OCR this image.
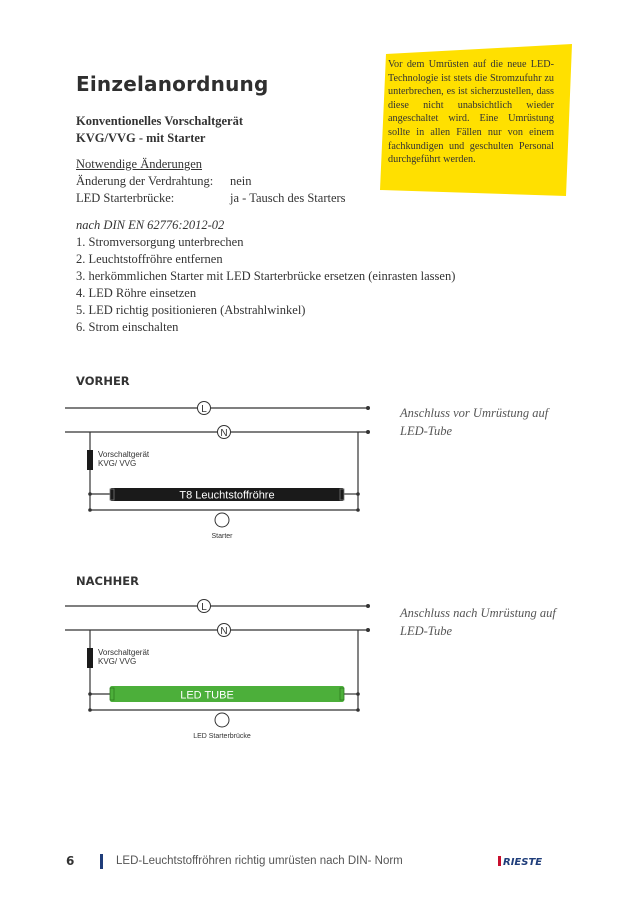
Einzelanordnung
Konventionelles Vorschaltgerät
KVG/VVG - mit Starter
Notwendige Änderungen
Änderung der Verdrahtung: nein
LED Starterbrücke:	ja - Tausch des Starters
nach DIN EN 62776:2012-02
1. Stromversorgung unterbrechen
2. Leuchtstoffröhre entfernen
3. herkömmlichen Starter mit LED Starterbrücke ersetzen (einrasten lassen)
4. LED Röhre einsetzen
5. LED richtig positionieren (Abstrahlwinkel)
6. Strom einschalten
Vor dem Umrüsten auf die neue LED-Technologie ist stets die Stromzufuhr zu unterbrechen, es ist sicherzustellen, dass diese nicht unabsichtlich wieder angeschaltet wird. Eine Umrüstung sollte in allen Fällen nur von einem fachkundigen und geschulten Personal durchgeführt werden.
VORHER
L
N
Vorschaltgerät
KVG/ VVG
T8 Leuchtstoffröhre
Starter
Anschluss vor Umrüstung auf
LED-Tube
NACHHER
L
N
Vorschaltgerät
KVG/ VVG
LED TUBE
LED Starterbrücke
Anschluss nach Umrüstung auf
LED-Tube
6	LED-Leuchtstoffröhren richtig umrüsten nach DIN- Norm	RIESTE
